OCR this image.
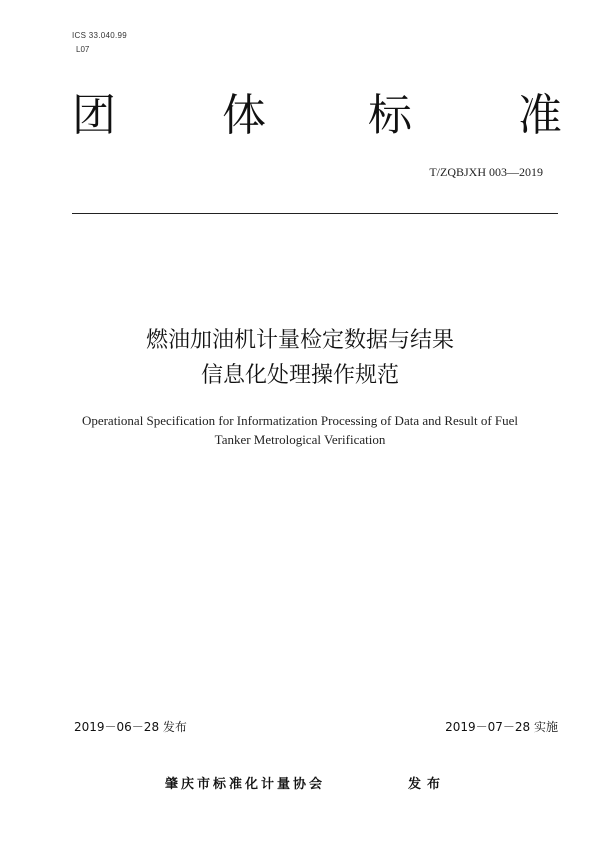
ICS 33.040.99
L07
团 体 标 准
T/ZQBJXH 003—2019
燃油加油机计量检定数据与结果
信息化处理操作规范
Operational Specification for Informatization Processing of Data and Result of Fuel
Tanker Metrological Verification
2019－06－28 发布	2019－07－28 实施
肇庆市标准化计量协会	发布
